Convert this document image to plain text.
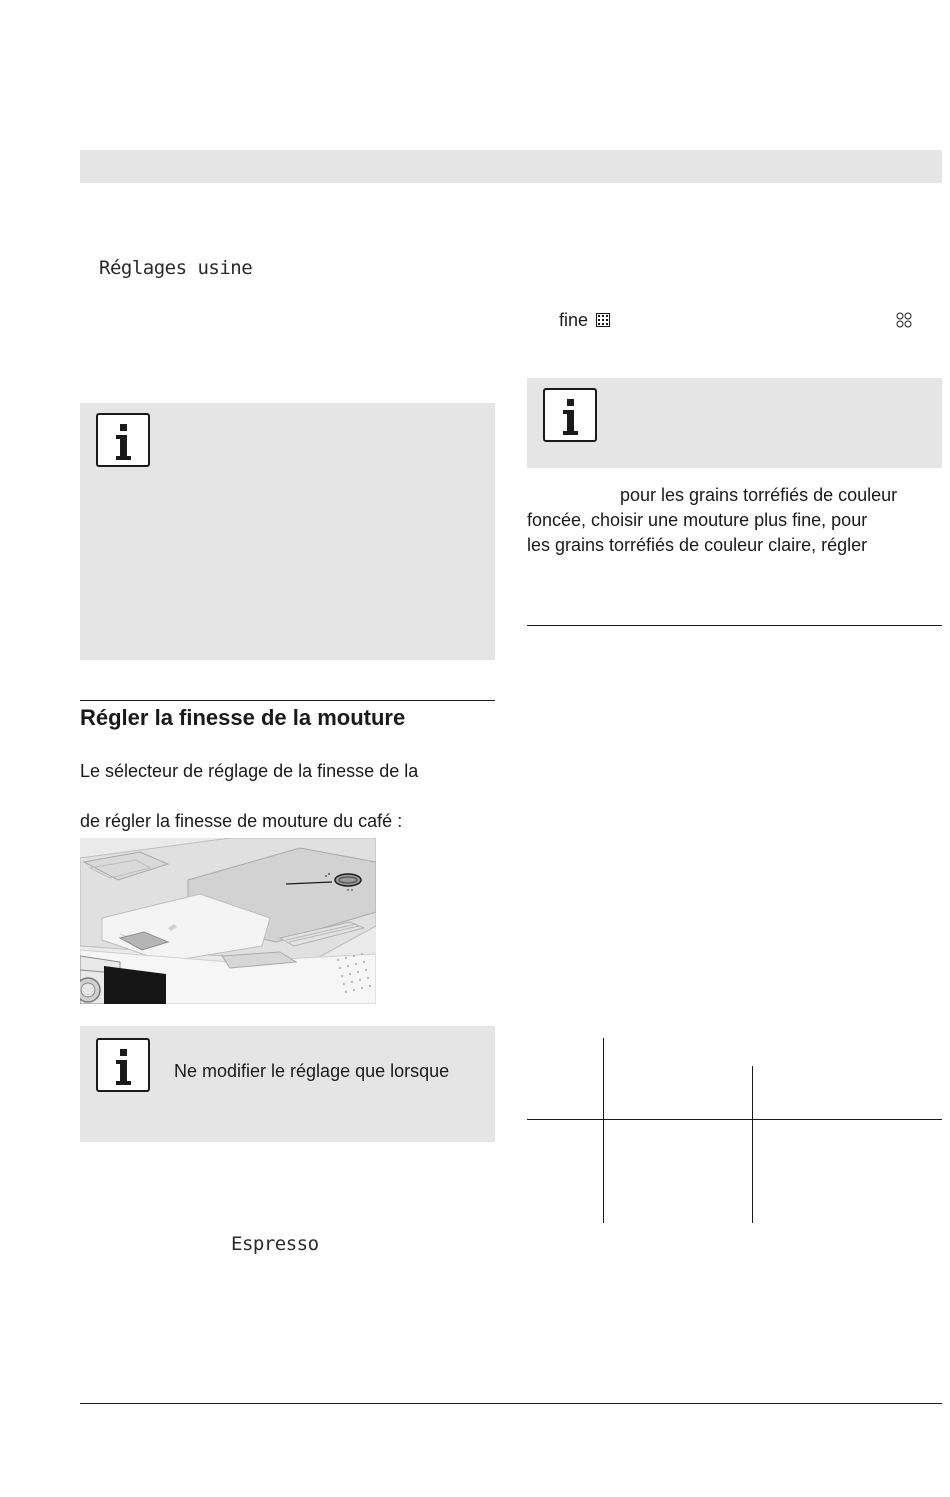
Réglages usine
fine
pour les grains torréfiés de couleur
foncée, choisir une mouture plus fine, pour
les grains torréfiés de couleur claire, régler
Régler la finesse de la mouture
Le sélecteur de réglage de la finesse de la
de régler la finesse de mouture du café :
Ne modifier le réglage que lorsque
Espresso
